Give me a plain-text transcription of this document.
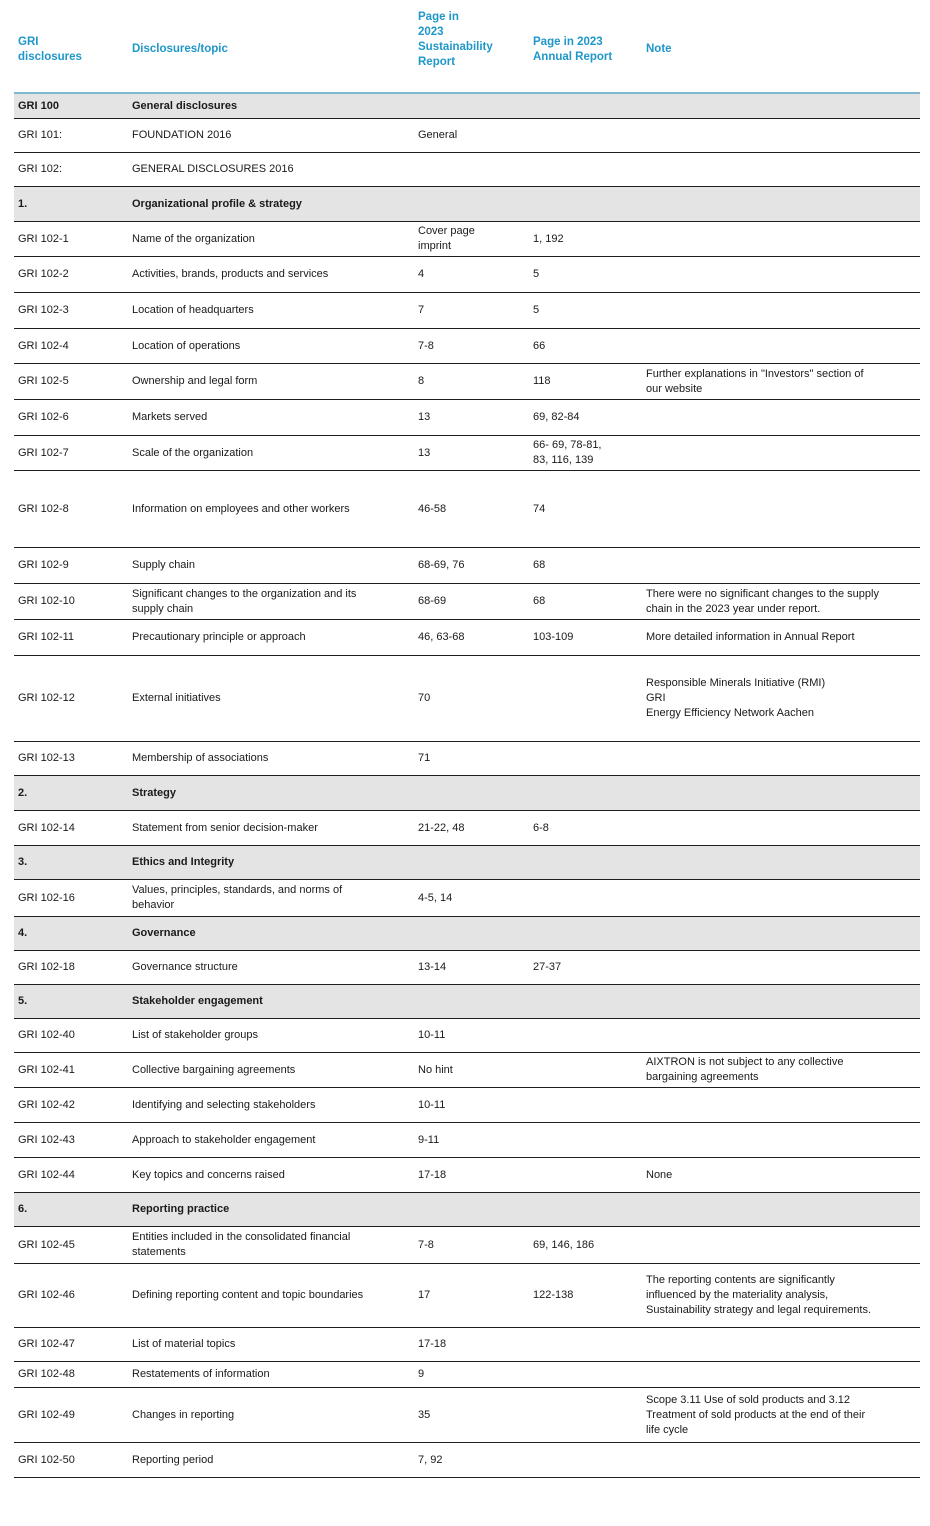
GRI
disclosures
Disclosures/topic
Page in
2023
Sustainability
Report
Page in 2023
Annual Report
Note
GRI 100	General disclosures			
GRI 101:	FOUNDATION 2016	General		
GRI 102:	GENERAL DISCLOSURES 2016			
1.	Organizational profile & strategy			
GRI 102-1	Name of the organization	Cover page
imprint	1, 192	
GRI 102-2	Activities, brands, products and services	4	5	
GRI 102-3	Location of headquarters	7	5	
GRI 102-4	Location of operations	7-8	66	
GRI 102-5	Ownership and legal form	8	118	Further explanations in "Investors" section of
our website
GRI 102-6	Markets served	13	69, 82-84	
GRI 102-7	Scale of the organization	13	66- 69, 78-81,
83, 116, 139	
GRI 102-8	Information on employees and other workers	46-58	74	
GRI 102-9	Supply chain	68-69, 76	68	
GRI 102-10	Significant changes to the organization and its
supply chain	68-69	68	There were no significant changes to the supply
chain in the 2023 year under report.
GRI 102-11	Precautionary principle or approach	46, 63-68	103-109	More detailed information in Annual Report
GRI 102-12	External initiatives	70		Responsible Minerals Initiative (RMI)
GRI
Energy Efficiency Network Aachen
GRI 102-13	Membership of associations	71		
2.	Strategy			
GRI 102-14	Statement from senior decision-maker	21-22, 48	6-8	
3.	Ethics and Integrity			
GRI 102-16	Values, principles, standards, and norms of
behavior	4-5, 14		
4.	Governance			
GRI 102-18	Governance structure	13-14	27-37	
5.	Stakeholder engagement			
GRI 102-40	List of stakeholder groups	10-11		
GRI 102-41	Collective bargaining agreements	No hint		AIXTRON is not subject to any collective
bargaining agreements
GRI 102-42	Identifying and selecting stakeholders	10-11		
GRI 102-43	Approach to stakeholder engagement	9-11		
GRI 102-44	Key topics and concerns raised	17-18		None
6.	Reporting practice			
GRI 102-45	Entities included in the consolidated financial
statements	7-8	69, 146, 186	
GRI 102-46	Defining reporting content and topic boundaries	17	122-138	The reporting contents are significantly
influenced by the materiality analysis,
Sustainability strategy and legal requirements.
GRI 102-47	List of material topics	17-18		
GRI 102-48	Restatements of information	9		
GRI 102-49	Changes in reporting	35		Scope 3.11 Use of sold products and 3.12
Treatment of sold products at the end of their
life cycle
GRI 102-50	Reporting period	7, 92		
